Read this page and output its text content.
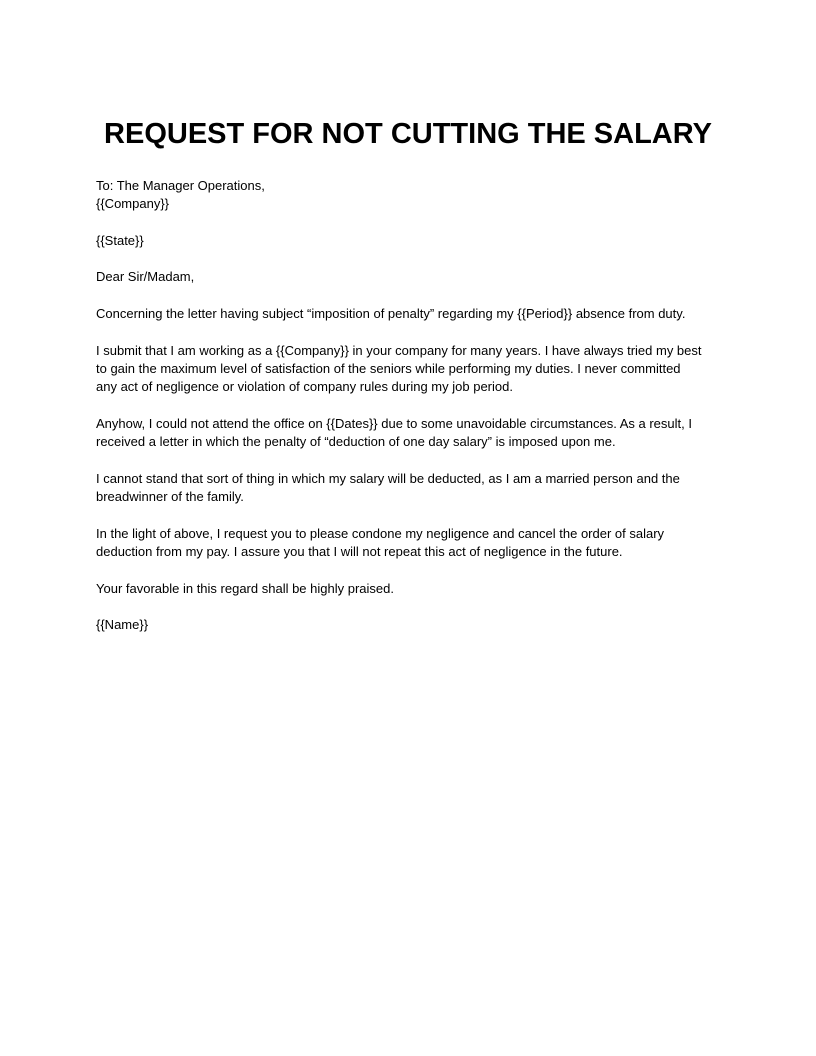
REQUEST FOR NOT CUTTING THE SALARY
To: The Manager Operations,
{{Company}}
{{State}}
Dear Sir/Madam,
Concerning the letter having subject “imposition of penalty” regarding my {{Period}} absence from duty.
I submit that I am working as a {{Company}} in your company for many years. I have always tried my best
to gain the maximum level of satisfaction of the seniors while performing my duties. I never committed
any act of negligence or violation of company rules during my job period.
Anyhow, I could not attend the office on {{Dates}} due to some unavoidable circumstances. As a result, I
received a letter in which the penalty of “deduction of one day salary” is imposed upon me.
I cannot stand that sort of thing in which my salary will be deducted, as I am a married person and the
breadwinner of the family.
In the light of above, I request you to please condone my negligence and cancel the order of salary
deduction from my pay. I assure you that I will not repeat this act of negligence in the future.
Your favorable in this regard shall be highly praised.
{{Name}}
